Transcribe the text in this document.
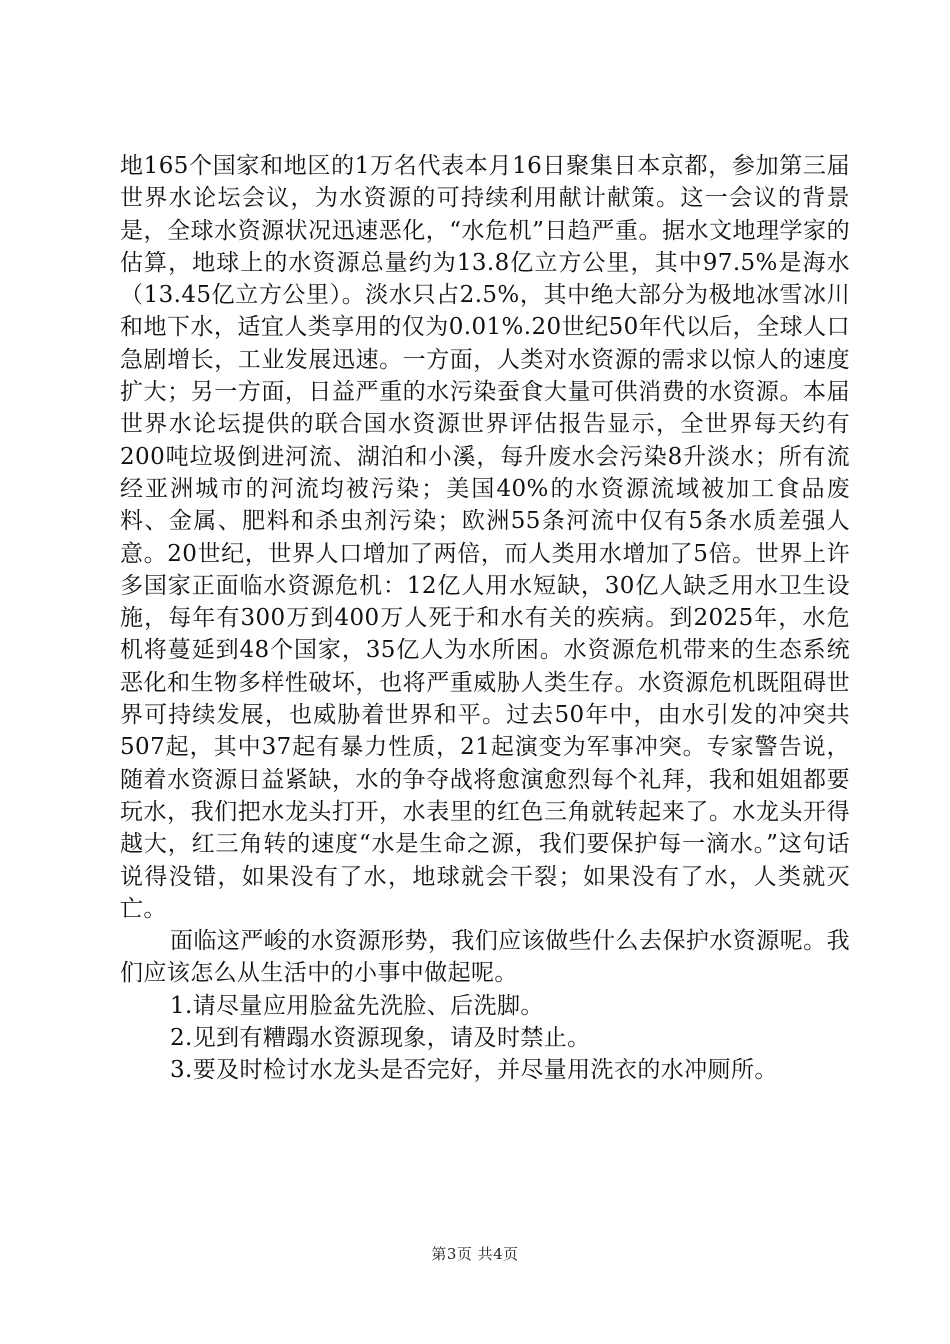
地165个国家和地区的1万名代表本月16日聚集日本京都，参加第三届世界水论坛会议，为水资源的可持续利用献计献策。这一会议的背景是，全球水资源状况迅速恶化，“水危机”日趋严重。据水文地理学家的估算，地球上的水资源总量约为13.8亿立方公里，其中97.5%是海水（13.45亿立方公里）。淡水只占2.5%，其中绝大部分为极地冰雪冰川和地下水，适宜人类享用的仅为0.01%.20世纪50年代以后，全球人口急剧增长，工业发展迅速。一方面，人类对水资源的需求以惊人的速度扩大；另一方面，日益严重的水污染蚕食大量可供消费的水资源。本届世界水论坛提供的联合国水资源世界评估报告显示，全世界每天约有200吨垃圾倒进河流、湖泊和小溪，每升废水会污染8升淡水；所有流经亚洲城市的河流均被污染；美国40%的水资源流域被加工食品废料、金属、肥料和杀虫剂污染；欧洲55条河流中仅有5条水质差强人意。20世纪，世界人口增加了两倍，而人类用水增加了5倍。世界上许多国家正面临水资源危机：12亿人用水短缺，30亿人缺乏用水卫生设施，每年有300万到400万人死于和水有关的疾病。到2025年，水危机将蔓延到48个国家，35亿人为水所困。水资源危机带来的生态系统恶化和生物多样性破坏，也将严重威胁人类生存。水资源危机既阻碍世界可持续发展，也威胁着世界和平。过去50年中，由水引发的冲突共507起，其中37起有暴力性质，21起演变为军事冲突。专家警告说，随着水资源日益紧缺，水的争夺战将愈演愈烈每个礼拜，我和姐姐都要玩水，我们把水龙头打开，水表里的红色三角就转起来了。水龙头开得越大，红三角转的速度“水是生命之源，我们要保护每一滴水。”这句话说得没错，如果没有了水，地球就会干裂；如果没有了水，人类就灭亡。

面临这严峻的水资源形势，我们应该做些什么去保护水资源呢。我们应该怎么从生活中的小事中做起呢。

1.请尽量应用脸盆先洗脸、后洗脚。

2.见到有糟蹋水资源现象，请及时禁止。

3.要及时检讨水龙头是否完好，并尽量用洗衣的水冲厕所。

第3页 共4页
